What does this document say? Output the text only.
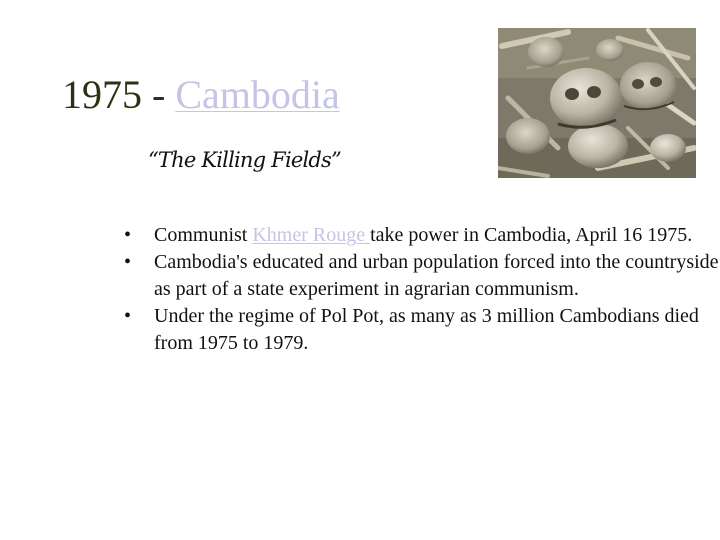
1975 - Cambodia
“The Killing Fields”
• Communist Khmer Rouge take power in Cambodia, April 16 1975.
• Cambodia's educated and urban population forced into the countryside as part of a state experiment in agrarian communism.
• Under the regime of Pol Pot, as many as 3 million Cambodians died from 1975 to 1979.
